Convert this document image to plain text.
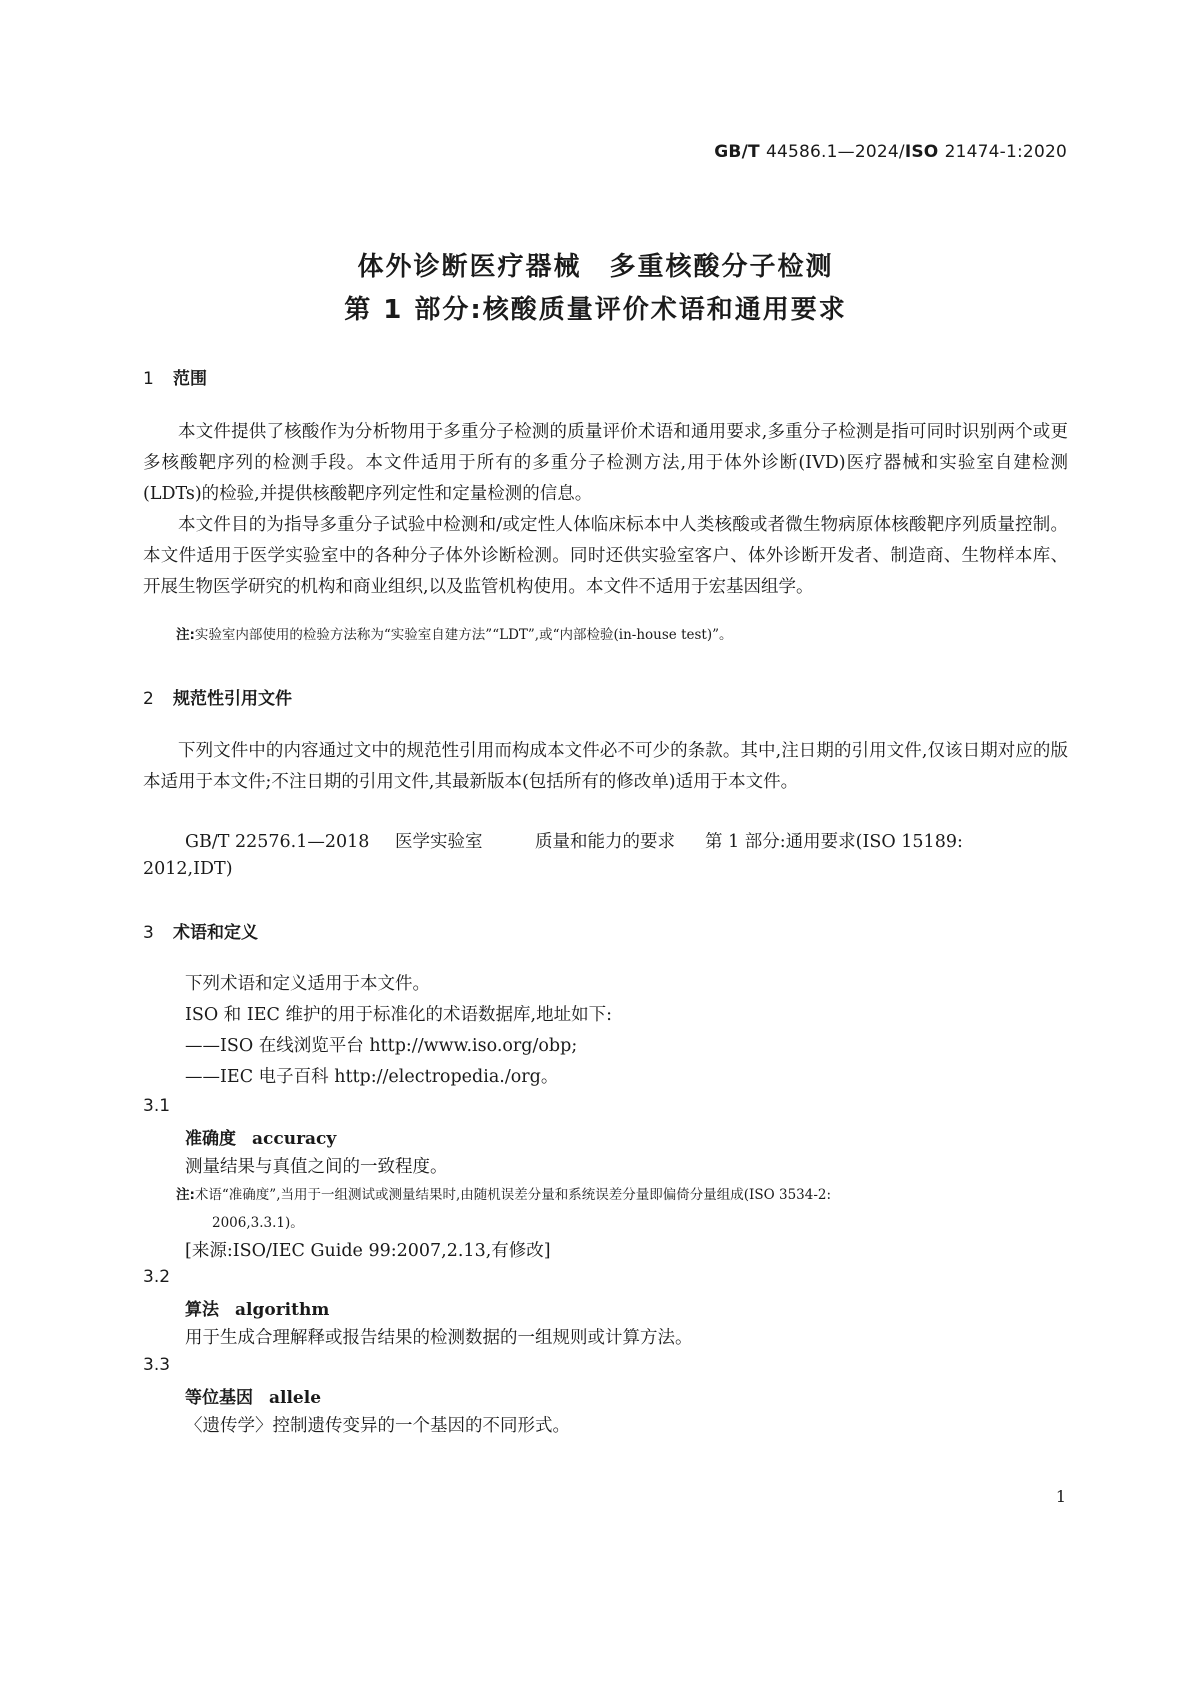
GB/T 44586.1—2024/ISO 21474-1:2020
体外诊断医疗器械　多重核酸分子检测
第 1 部分:核酸质量评价术语和通用要求
1 范围

本文件提供了核酸作为分析物用于多重分子检测的质量评价术语和通用要求,多重分子检测是指可同时识别两个或更多核酸靶序列的检测手段。本文件适用于所有的多重分子检测方法,用于体外诊断(IVD)医疗器械和实验室自建检测(LDTs)的检验,并提供核酸靶序列定性和定量检测的信息。

本文件目的为指导多重分子试验中检测和/或定性人体临床标本中人类核酸或者微生物病原体核酸靶序列质量控制。本文件适用于医学实验室中的各种分子体外诊断检测。同时还供实验室客户、体外诊断开发者、制造商、生物样本库、开展生物医学研究的机构和商业组织,以及监管机构使用。本文件不适用于宏基因组学。

注:实验室内部使用的检验方法称为“实验室自建方法”“LDT”,或“内部检验(in-house test)”。
2 规范性引用文件

下列文件中的内容通过文中的规范性引用而构成本文件必不可少的条款。其中,注日期的引用文件,仅该日期对应的版本适用于本文件;不注日期的引用文件,其最新版本(包括所有的修改单)适用于本文件。

GB/T 22576.1—2018 医学实验室	质量和能力的要求 第 1 部分:通用要求(ISO 15189:
2012,IDT)
3 术语和定义
下列术语和定义适用于本文件。
ISO 和 IEC 维护的用于标准化的术语数据库,地址如下:
——ISO 在线浏览平台 http://www.iso.org/obp;
——IEC 电子百科 http://electropedia./org。
3.1
准确度 accuracy
测量结果与真值之间的一致程度。
注:术语“准确度”,当用于一组测试或测量结果时,由随机误差分量和系统误差分量即偏倚分量组成(ISO 3534-2:
2006,3.3.1)。
[来源:ISO/IEC Guide 99:2007,2.13,有修改]
3.2
算法 algorithm
用于生成合理解释或报告结果的检测数据的一组规则或计算方法。
3.3
等位基因 allele
〈遗传学〉控制遗传变异的一个基因的不同形式。
1
